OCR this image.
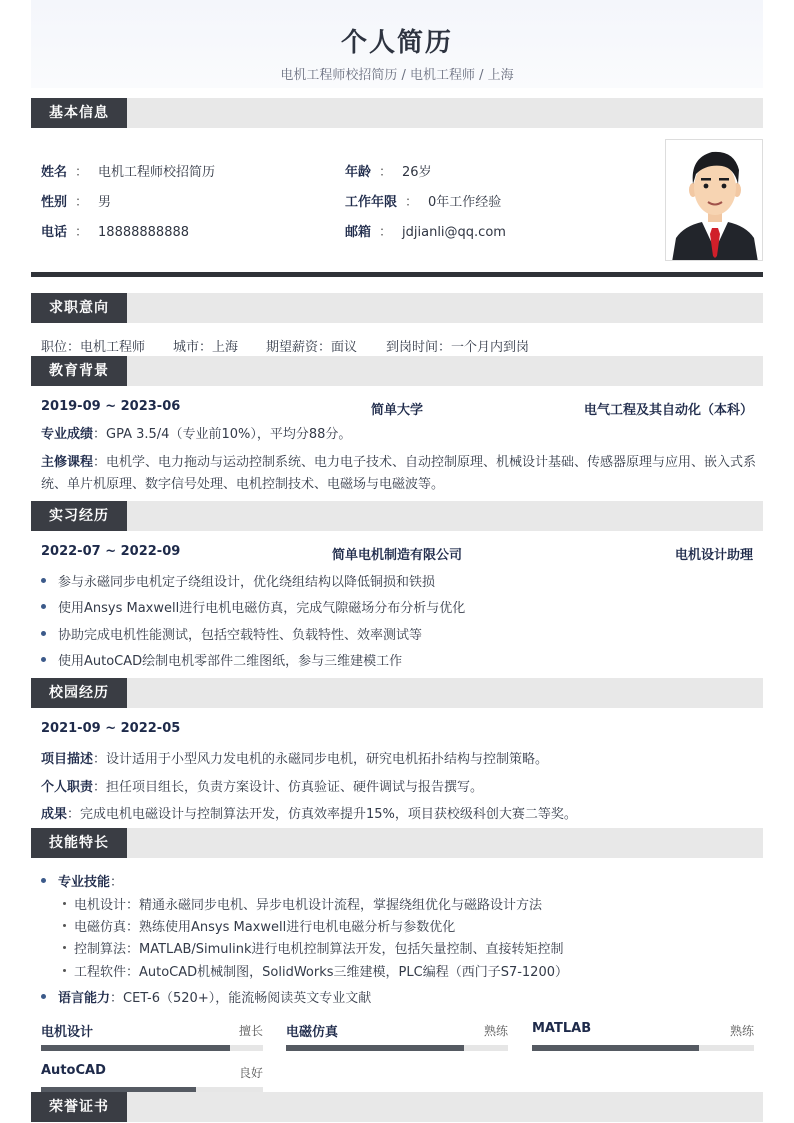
个人简历
电机工程师校招简历 / 电机工程师 / 上海
基本信息
姓名 ： 电机工程师校招简历
性别 ： 男
电话 ： 18888888888
年龄 ： 26岁
工作年限 ： 0年工作经验
邮箱 ： jdjianli@qq.com
求职意向
职位：电机工程师 城市：上海 期望薪资：面议 到岗时间：一个月内到岗
教育背景
2019-09 ~ 2023-06	简单大学	电气工程及其自动化（本科）
专业成绩：GPA 3.5/4（专业前10%），平均分88分。
主修课程：电机学、电力拖动与运动控制系统、电力电子技术、自动控制原理、机械设计基础、传感器原理与应用、嵌入式系
统、单片机原理、数字信号处理、电机控制技术、电磁场与电磁波等。
实习经历
2022-07 ~ 2022-09	简单电机制造有限公司	电机设计助理
参与永磁同步电机定子绕组设计，优化绕组结构以降低铜损和铁损
使用Ansys Maxwell进行电机电磁仿真，完成气隙磁场分布分析与优化
协助完成电机性能测试，包括空载特性、负载特性、效率测试等
使用AutoCAD绘制电机零部件二维图纸，参与三维建模工作
校园经历
2021-09 ~ 2022-05
项目描述：设计适用于小型风力发电机的永磁同步电机，研究电机拓扑结构与控制策略。
个人职责：担任项目组长，负责方案设计、仿真验证、硬件调试与报告撰写。
成果：完成电机电磁设计与控制算法开发，仿真效率提升15%，项目获校级科创大赛二等奖。
技能特长
专业技能：
电机设计：精通永磁同步电机、异步电机设计流程，掌握绕组优化与磁路设计方法
电磁仿真：熟练使用Ansys Maxwell进行电机电磁分析与参数优化
控制算法：MATLAB/Simulink进行电机控制算法开发，包括矢量控制、直接转矩控制
工程软件：AutoCAD机械制图，SolidWorks三维建模，PLC编程（西门子S7-1200）
语言能力：CET-6（520+），能流畅阅读英文专业文献
电机设计	擅长 电磁仿真	熟练 MATLAB	熟练
AutoCAD	良好
荣誉证书
